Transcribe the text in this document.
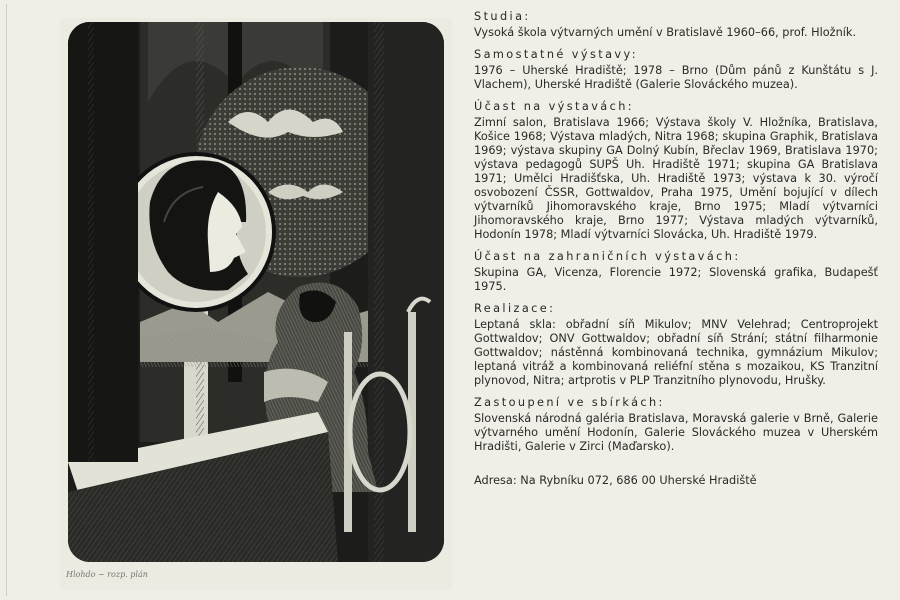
Hlohdo ~ rozp. plán
Studia:

Vysoká škola výtvarných umění v Bratislavě 1960–66, prof. Hložník.

Samostatné výstavy:

1976 – Uherské Hradiště; 1978 – Brno (Dům pánů z Kunštátu s J. Vlachem), Uherské Hradiště (Galerie Slováckého muzea).

Účast na výstavách:

Zimní salon, Bratislava 1966; Výstava školy V. Hložníka, Bratislava, Košice 1968; Výstava mladých, Nitra 1968; skupina Graphik, Bratislava 1969; výstava skupiny GA Dolný Kubín, Břeclav 1969, Bratislava 1970; výstava pedagogů SUPŠ Uh. Hradiště 1971; skupina GA Bratislava 1971; Umělci Hradišťska, Uh. Hradiště 1973; výstava k 30. výročí osvobození ČSSR, Gottwaldov, Praha 1975, Umění bojující v dílech výtvarníků Jihomoravského kraje, Brno 1975; Mladí výtvarníci Jihomoravského kraje, Brno 1977; Výstava mladých výtvarníků, Hodonín 1978; Mladí výtvarníci Slovácka, Uh. Hradiště 1979.

Účast na zahraničních výstavách:

Skupina GA, Vicenza, Florencie 1972; Slovenská grafika, Budapešť 1975.

Realizace:

Leptaná skla: obřadní síň Mikulov; MNV Velehrad; Centroprojekt Gottwaldov; ONV Gottwaldov; obřadní síň Strání; státní filharmonie Gottwaldov; nástěnná kombinovaná technika, gymnázium Mikulov; leptaná vitráž a kombinovaná reliéfní stěna s mozaikou, KS Tranzitní plynovod, Nitra; artprotis v PLP Tranzitního plynovodu, Hrušky.

Zastoupení ve sbírkách:

Slovenská národná galéria Bratislava, Moravská galerie v Brně, Galerie výtvarného umění Hodonín, Galerie Slováckého muzea v Uherském Hradišti, Galerie v Zirci (Maďarsko).

Adresa: Na Rybníku 072, 686 00 Uherské Hradiště
